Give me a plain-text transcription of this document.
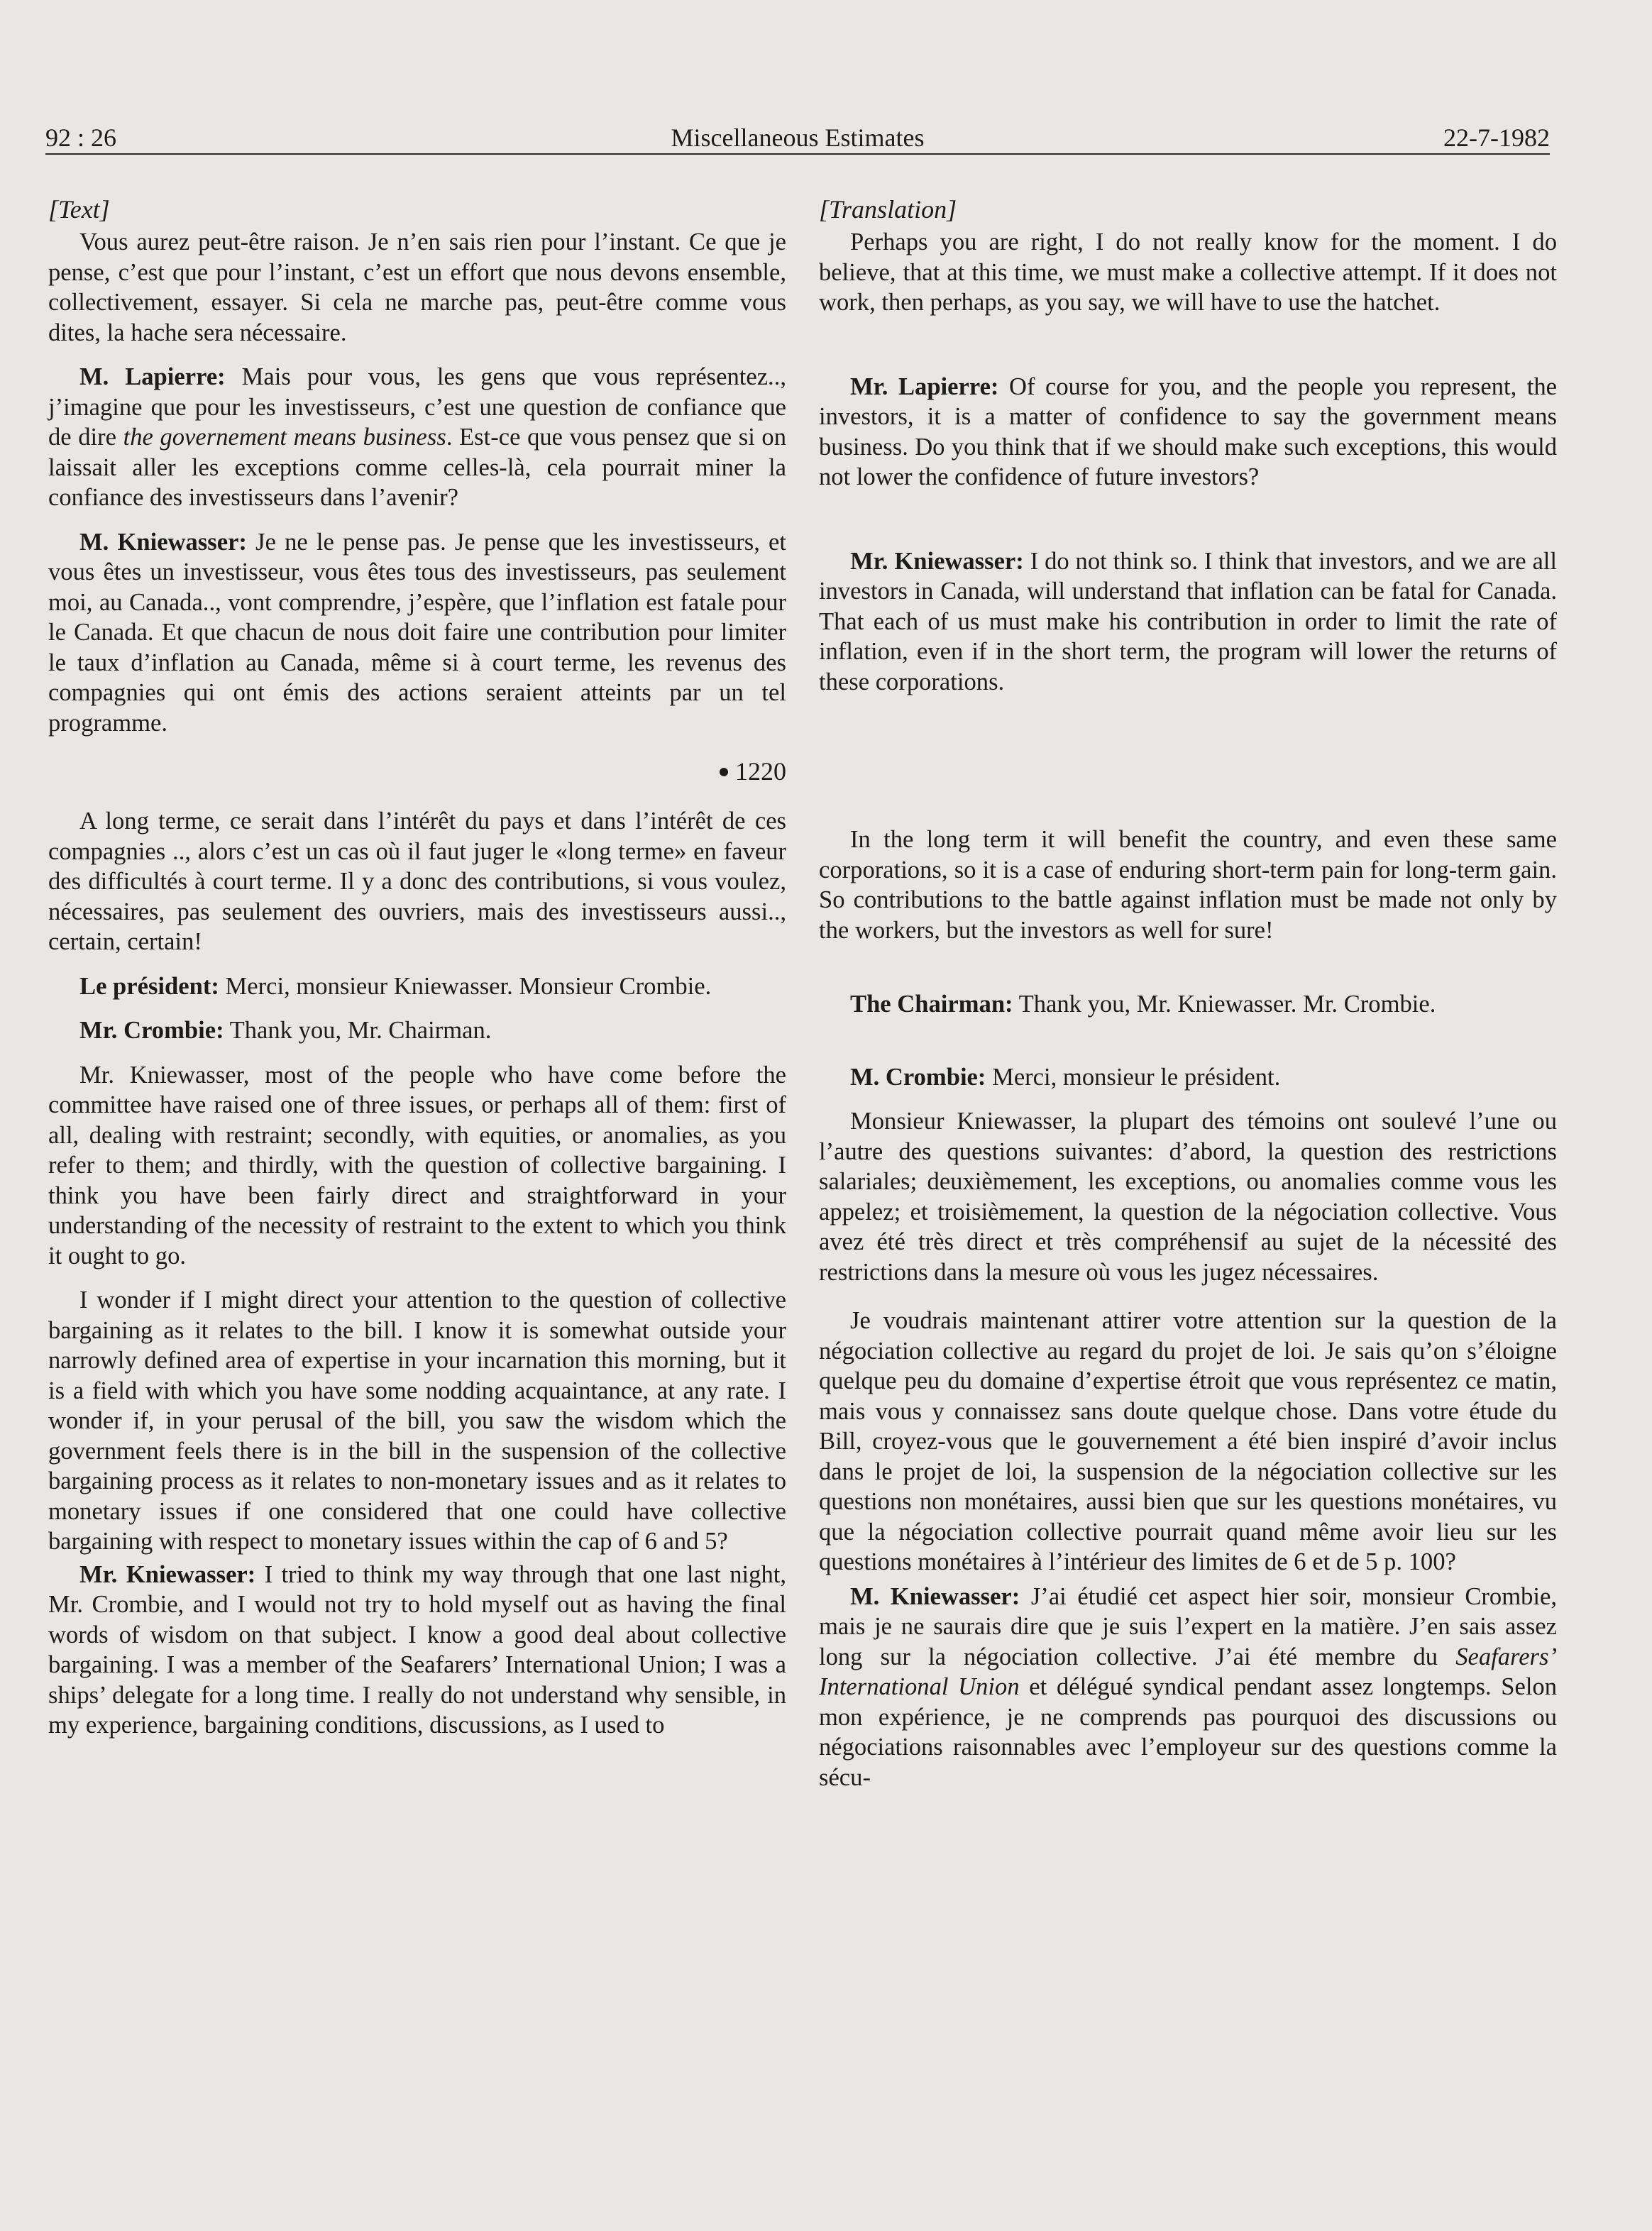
92 : 26	Miscellaneous Estimates	22-7-1982

[Text]

Vous aurez peut-être raison. Je n’en sais rien pour l’instant. Ce que je pense, c’est que pour l’instant, c’est un effort que nous devons ensemble, collectivement, essayer. Si cela ne marche pas, peut-être comme vous dites, la hache sera nécessaire.

M. Lapierre: Mais pour vous, les gens que vous représentez.., j’imagine que pour les investisseurs, c’est une question de confiance que de dire the governement means business. Est-ce que vous pensez que si on laissait aller les exceptions comme celles-là, cela pourrait miner la confiance des investisseurs dans l’avenir?

M. Kniewasser: Je ne le pense pas. Je pense que les investisseurs, et vous êtes un investisseur, vous êtes tous des investisseurs, pas seulement moi, au Canada.., vont comprendre, j’espère, que l’inflation est fatale pour le Canada. Et que chacun de nous doit faire une contribution pour limiter le taux d’inflation au Canada, même si à court terme, les revenus des compagnies qui ont émis des actions seraient atteints par un tel programme.

1220

A long terme, ce serait dans l’intérêt du pays et dans l’intérêt de ces compagnies .., alors c’est un cas où il faut juger le «long terme» en faveur des difficultés à court terme. Il y a donc des contributions, si vous voulez, nécessaires, pas seulement des ouvriers, mais des investisseurs aussi.., certain, certain!

Le président: Merci, monsieur Kniewasser. Monsieur Crombie.

Mr. Crombie: Thank you, Mr. Chairman.

Mr. Kniewasser, most of the people who have come before the committee have raised one of three issues, or perhaps all of them: first of all, dealing with restraint; secondly, with equities, or anomalies, as you refer to them; and thirdly, with the question of collective bargaining. I think you have been fairly direct and straightforward in your understanding of the necessity of restraint to the extent to which you think it ought to go.

I wonder if I might direct your attention to the question of collective bargaining as it relates to the bill. I know it is somewhat outside your narrowly defined area of expertise in your incarnation this morning, but it is a field with which you have some nodding acquaintance, at any rate. I wonder if, in your perusal of the bill, you saw the wisdom which the government feels there is in the bill in the suspension of the collective bargaining process as it relates to non-monetary issues and as it relates to monetary issues if one considered that one could have collective bargaining with respect to monetary issues within the cap of 6 and 5?

Mr. Kniewasser: I tried to think my way through that one last night, Mr. Crombie, and I would not try to hold myself out as having the final words of wisdom on that subject. I know a good deal about collective bargaining. I was a member of the Seafarers’ International Union; I was a ships’ delegate for a long time. I really do not understand why sensible, in my experience, bargaining conditions, discussions, as I used to

[Translation]

Perhaps you are right, I do not really know for the moment. I do believe, that at this time, we must make a collective attempt. If it does not work, then perhaps, as you say, we will have to use the hatchet.

Mr. Lapierre: Of course for you, and the people you represent, the investors, it is a matter of confidence to say the government means business. Do you think that if we should make such exceptions, this would not lower the confidence of future investors?

Mr. Kniewasser: I do not think so. I think that investors, and we are all investors in Canada, will understand that inflation can be fatal for Canada. That each of us must make his contribution in order to limit the rate of inflation, even if in the short term, the program will lower the returns of these corporations.

In the long term it will benefit the country, and even these same corporations, so it is a case of enduring short-term pain for long-term gain. So contributions to the battle against inflation must be made not only by the workers, but the investors as well for sure!

The Chairman: Thank you, Mr. Kniewasser. Mr. Crombie.

M. Crombie: Merci, monsieur le président.

Monsieur Kniewasser, la plupart des témoins ont soulevé l’une ou l’autre des questions suivantes: d’abord, la question des restrictions salariales; deuxièmement, les exceptions, ou anomalies comme vous les appelez; et troisièmement, la question de la négociation collective. Vous avez été très direct et très compréhensif au sujet de la nécessité des restrictions dans la mesure où vous les jugez nécessaires.

Je voudrais maintenant attirer votre attention sur la question de la négociation collective au regard du projet de loi. Je sais qu’on s’éloigne quelque peu du domaine d’expertise étroit que vous représentez ce matin, mais vous y connaissez sans doute quelque chose. Dans votre étude du Bill, croyez-vous que le gouvernement a été bien inspiré d’avoir inclus dans le projet de loi, la suspension de la négociation collective sur les questions non monétaires, aussi bien que sur les questions monétaires, vu que la négociation collective pourrait quand même avoir lieu sur les questions monétaires à l’intérieur des limites de 6 et de 5 p. 100?

M. Kniewasser: J’ai étudié cet aspect hier soir, monsieur Crombie, mais je ne saurais dire que je suis l’expert en la matière. J’en sais assez long sur la négociation collective. J’ai été membre du Seafarers’ International Union et délégué syndical pendant assez longtemps. Selon mon expérience, je ne comprends pas pourquoi des discussions ou négociations raisonnables avec l’employeur sur des questions comme la sécu-
